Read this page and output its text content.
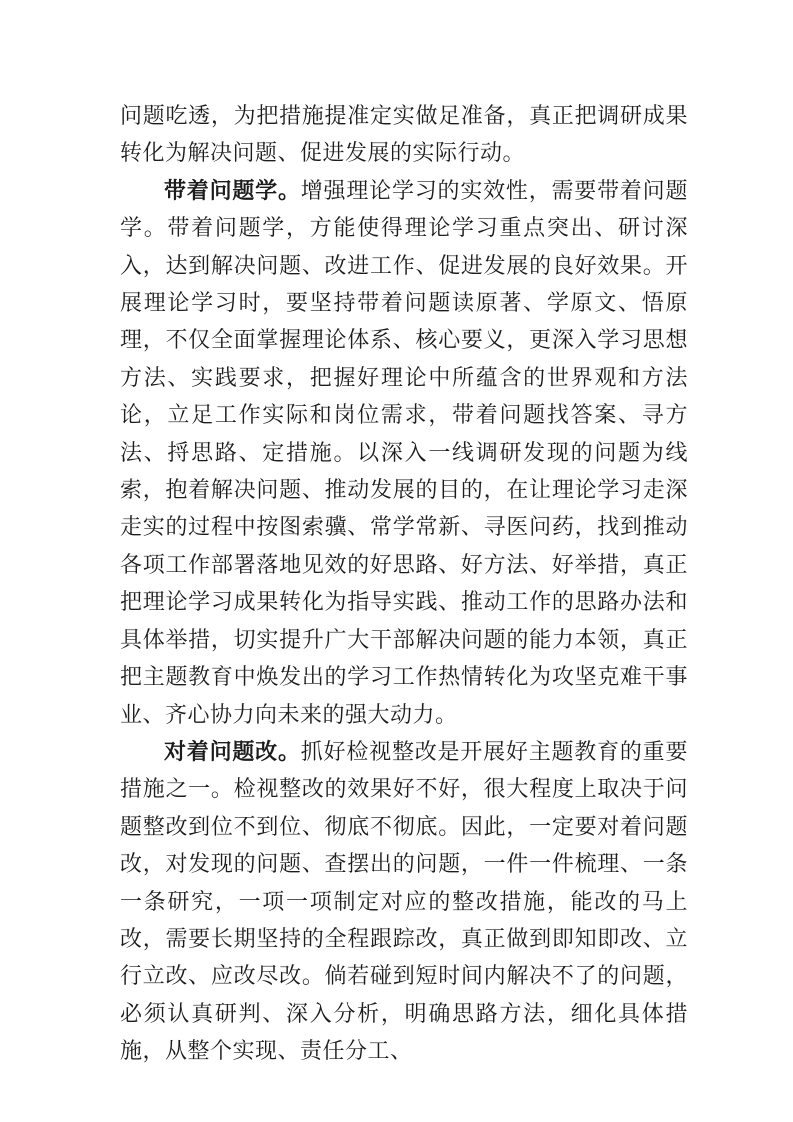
问题吃透，为把措施提准定实做足准备，真正把调研成果转化为解决问题、促进发展的实际行动。

带着问题学。增强理论学习的实效性，需要带着问题学。带着问题学，方能使得理论学习重点突出、研讨深入，达到解决问题、改进工作、促进发展的良好效果。开展理论学习时，要坚持带着问题读原著、学原文、悟原理，不仅全面掌握理论体系、核心要义，更深入学习思想方法、实践要求，把握好理论中所蕴含的世界观和方法论，立足工作实际和岗位需求，带着问题找答案、寻方法、捋思路、定措施。以深入一线调研发现的问题为线索，抱着解决问题、推动发展的目的，在让理论学习走深走实的过程中按图索骥、常学常新、寻医问药，找到推动各项工作部署落地见效的好思路、好方法、好举措，真正把理论学习成果转化为指导实践、推动工作的思路办法和具体举措，切实提升广大干部解决问题的能力本领，真正把主题教育中焕发出的学习工作热情转化为攻坚克难干事业、齐心协力向未来的强大动力。

对着问题改。抓好检视整改是开展好主题教育的重要措施之一。检视整改的效果好不好，很大程度上取决于问题整改到位不到位、彻底不彻底。因此，一定要对着问题改，对发现的问题、查摆出的问题，一件一件梳理、一条一条研究，一项一项制定对应的整改措施，能改的马上改，需要长期坚持的全程跟踪改，真正做到即知即改、立行立改、应改尽改。倘若碰到短时间内解决不了的问题，必须认真研判、深入分析，明确思路方法，细化具体措施，从整个实现、责任分工、
